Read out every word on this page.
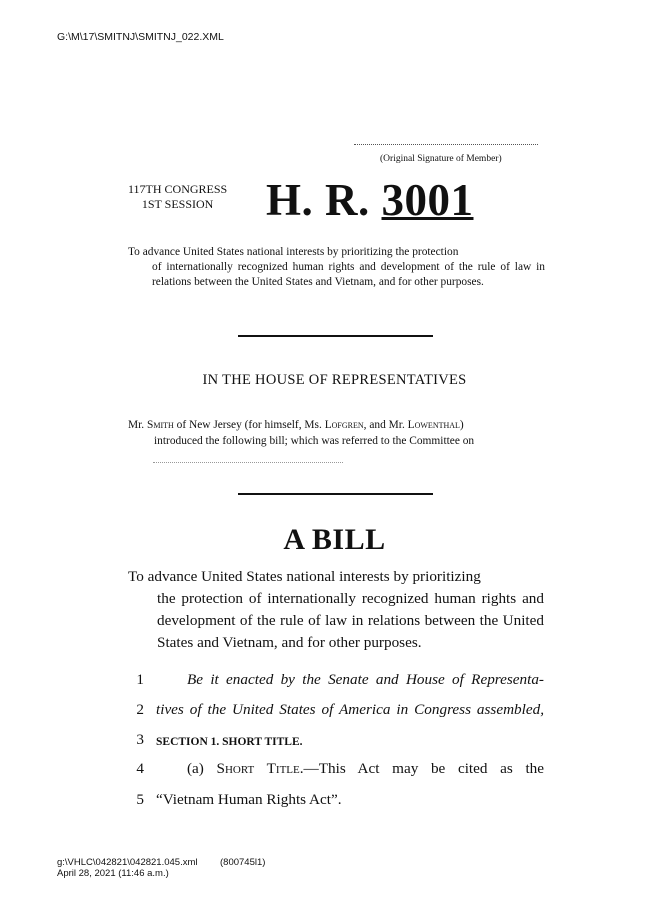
G:\M\17\SMITNJ\SMITNJ_022.XML
(Original Signature of Member)
117TH CONGRESS
1ST SESSION	H. R. 3001
To advance United States national interests by prioritizing the protection
of internationally recognized human rights and development of the rule of law in relations between the United States and Vietnam, and for other purposes.
IN THE HOUSE OF REPRESENTATIVES
Mr. Smith of New Jersey (for himself, Ms. Lofgren, and Mr. Lowenthal)
introduced the following bill; which was referred to the Committee on
A BILL
To advance United States national interests by prioritizing
the protection of internationally recognized human rights and development of the rule of law in relations between the United States and Vietnam, and for other purposes.
1	Be it enacted by the Senate and House of Representa-
2 tives of the United States of America in Congress assembled,
3 SECTION 1. SHORT TITLE.
4	(a) Short Title.—This Act may be cited as the
5 “Vietnam Human Rights Act”.
g:\VHLC\042821\042821.045.xml
April 28, 2021 (11:46 a.m.)
(800745l1)
